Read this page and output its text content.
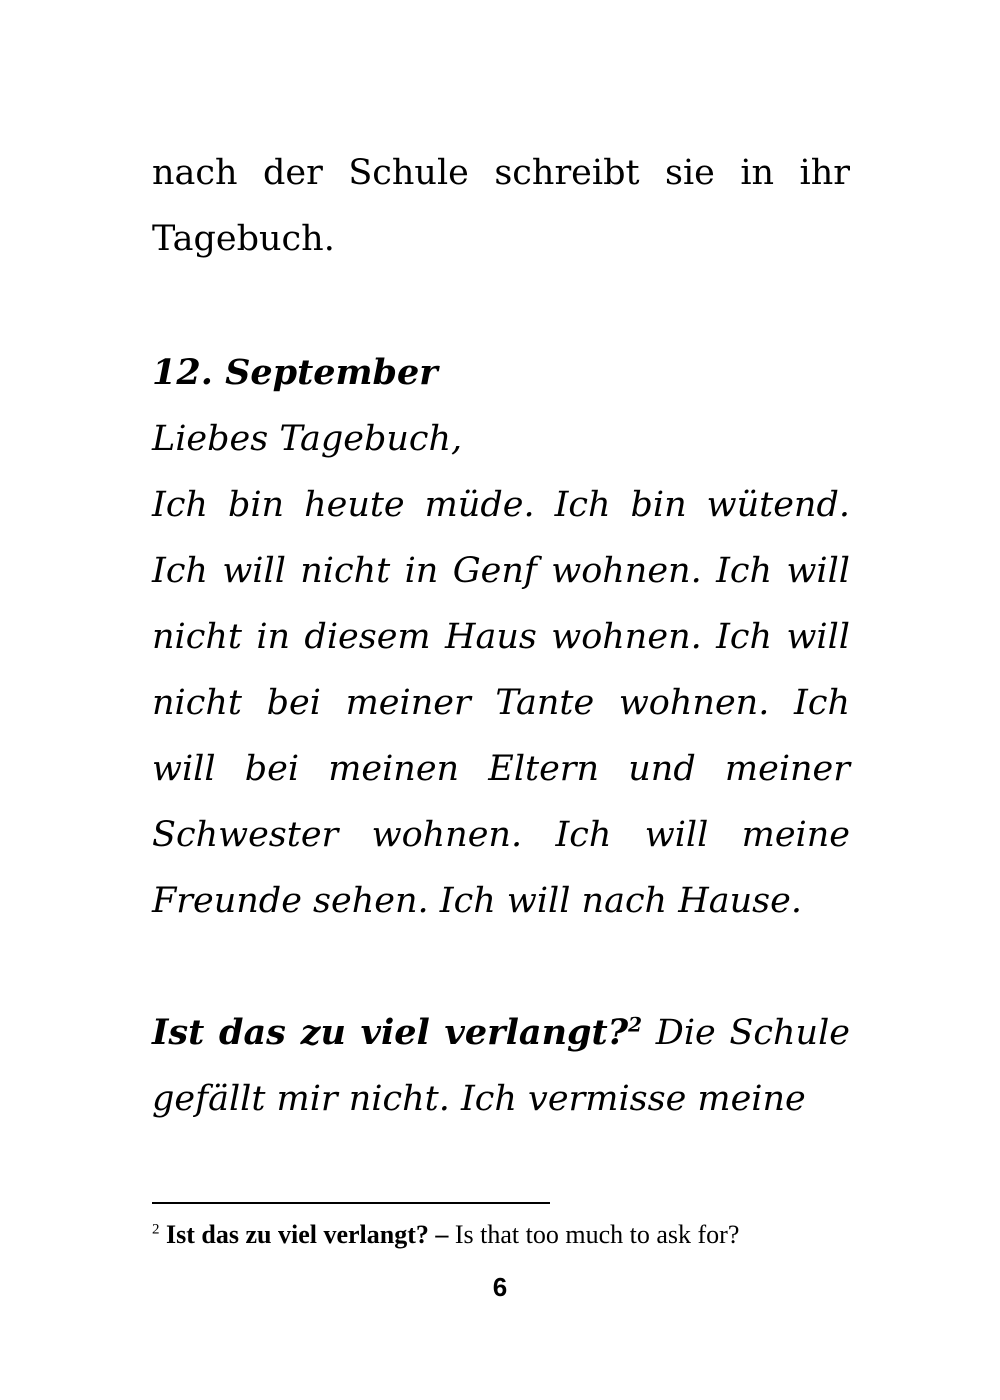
nach der Schule schreibt sie in ihr Tagebuch.

12. September

Liebes Tagebuch,

Ich bin heute müde. Ich bin wütend. Ich will nicht in Genf wohnen. Ich will nicht in diesem Haus wohnen. Ich will nicht bei meiner Tante wohnen. Ich will bei meinen Eltern und meiner Schwester wohnen. Ich will meine Freunde sehen. Ich will nach Hause.

Ist das zu viel verlangt?$^2$ Die Schule gefällt mir nicht. Ich vermisse meine

$^2$ Ist das zu viel verlangt? – Is that too much to ask for?

6
